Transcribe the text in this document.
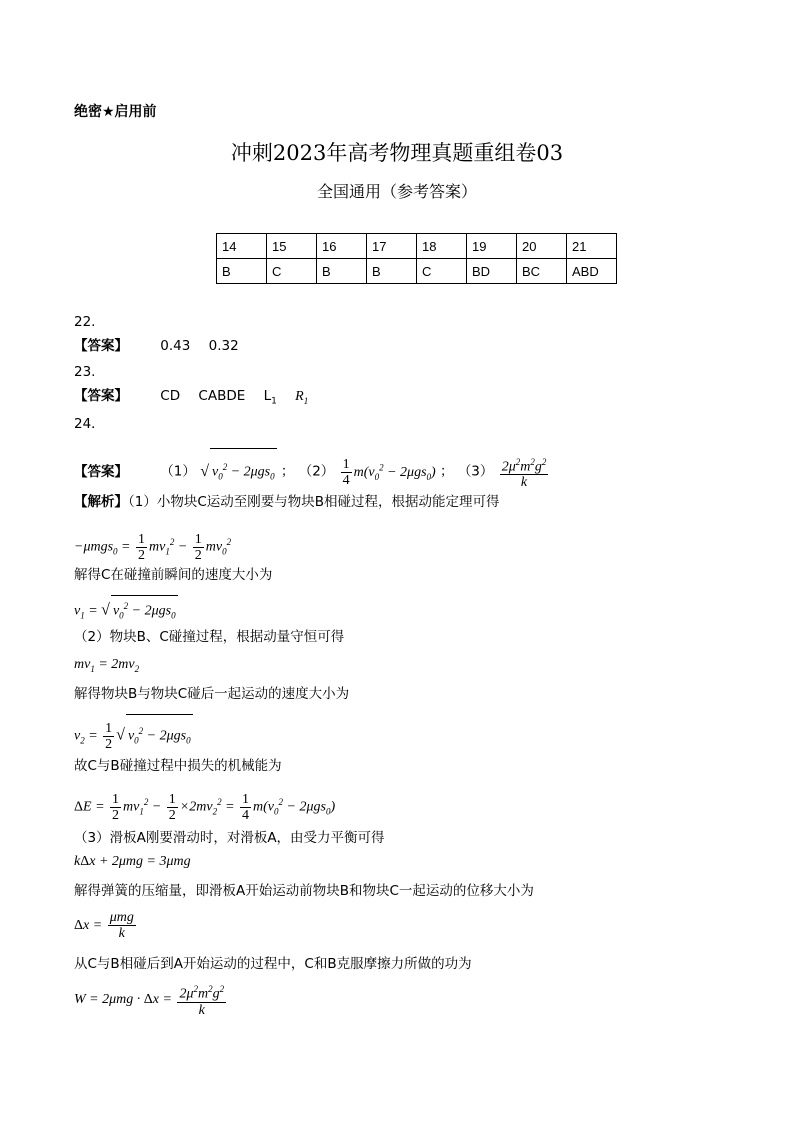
绝密★启用前
冲刺2023年高考物理真题重组卷03
全国通用（参考答案）
14	15	16	17	18	19	20	21
B	C	B	B	C	BD	BC	ABD
22.
【答案】 0.43 0.32
23.
【答案】 CD CABDE $L_1$ $R_1$
24．
【答案】 （1） √ $v_0^2 - 2\mu gs_0$ ； $(2) \frac{1}{4} m(v_0^2 - 2\mu gs_0)$ ； $(3) \frac{2\mu^2m^2g^2}{k}$
【解析】（1）小物块C运动至刚要与物块B相碰过程，根据动能定理可得
$-\mu mgs_0 = \frac{1}{2} mv_1^2 - \frac{1}{2} mv_0^2$
解得C在碰撞前瞬间的速度大小为
$v_1$ = √ $v_0^2 - 2\mu gs_0$
（2）物块B、C碰撞过程，根据动量守恒可得
$mv_1 = 2mv_2$
解得物块B与物块C碰后一起运动的速度大小为
$v_2 = \frac{1}{2}$ √ $v_0^2 - 2\mu gs_0$
故C与B碰撞过程中损失的机械能为
$\Delta E = \frac{1}{2} mv_1^2 - \frac{1}{2} \times 2mv_2^2 = \frac{1}{4} m(v_0^2 - 2\mu gs_0)$
（3）滑板A刚要滑动时，对滑板A，由受力平衡可得
kΔx + 2μmg = 3μmg
解得弹簧的压缩量，即滑板A开始运动前物块B和物块C一起运动的位移大小为
$\Delta x = \frac{\text{μmg}}{k}$
从C与B相碰后到A开始运动的过程中，C和B克服摩擦力所做的功为
$W = 2\mu mg \cdot \Delta x = \frac{2\mu^2m^2g^2}{k}$
